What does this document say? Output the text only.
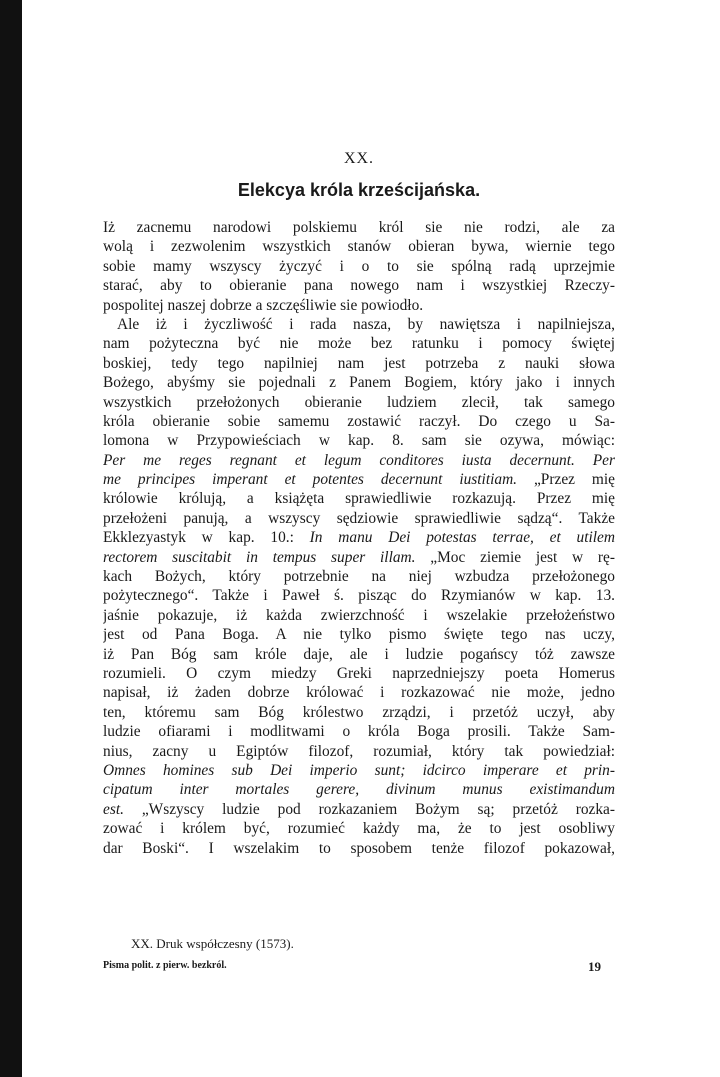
XX.
Elekcya króla krześcijańska.
Iż zacnemu narodowi polskiemu król sie nie rodzi, ale za
wolą i zezwolenim wszystkich stanów obieran bywa, wiernie tego
sobie mamy wszyscy życzyć i o to sie spólną radą uprzejmie
starać, aby to obieranie pana nowego nam i wszystkiej Rzeczy-
pospolitej naszej dobrze a szczęśliwie sie powiodło.
Ale iż i życzliwość i rada nasza, by nawiętsza i napilniejsza,
nam pożyteczna być nie może bez ratunku i pomocy świętej
boskiej, tedy tego napilniej nam jest potrzeba z nauki słowa
Bożego, abyśmy sie pojednali z Panem Bogiem, który jako i innych
wszystkich przełożonych obieranie ludziem zlecił, tak samego
króla obieranie sobie samemu zostawić raczył. Do czego u Sa-
lomona w Przypowieściach w kap. 8. sam sie ozywa, mówiąc:
Per me reges regnant et legum conditores iusta decernunt. Per
me principes imperant et potentes decernunt iustitiam. „Przez mię
królowie królują, a książęta sprawiedliwie rozkazują. Przez mię
przełożeni panują, a wszyscy sędziowie sprawiedliwie sądzą“. Także
Ekklezyastyk w kap. 10.: In manu Dei potestas terrae, et utilem
rectorem suscitabit in tempus super illam. „Moc ziemie jest w rę-
kach Bożych, który potrzebnie na niej wzbudza przełożonego
pożytecznego“. Także i Paweł ś. pisząc do Rzymianów w kap. 13.
jaśnie pokazuje, iż każda zwierzchność i wszelakie przełożeństwo
jest od Pana Boga. A nie tylko pismo święte tego nas uczy,
iż Pan Bóg sam króle daje, ale i ludzie pogańscy tóż zawsze
rozumieli. O czym miedzy Greki naprzedniejszy poeta Homerus
napisał, iż żaden dobrze królować i rozkazować nie może, jedno
ten, któremu sam Bóg królestwo zrządzi, i przetóż uczył, aby
ludzie ofiarami i modlitwami o króla Boga prosili. Także Sam-
nius, zacny u Egiptów filozof, rozumiał, który tak powiedział:
Omnes homines sub Dei imperio sunt; idcirco imperare et prin-
cipatum inter mortales gerere, divinum munus existimandum
est. „Wszyscy ludzie pod rozkazaniem Bożym są; przetóż rozka-
zować i królem być, rozumieć każdy ma, że to jest osobliwy
dar Boski“. I wszelakim to sposobem tenże filozof pokazował,
XX. Druk współczesny (1573).
Pisma polit. z pierw. bezkról.	19
